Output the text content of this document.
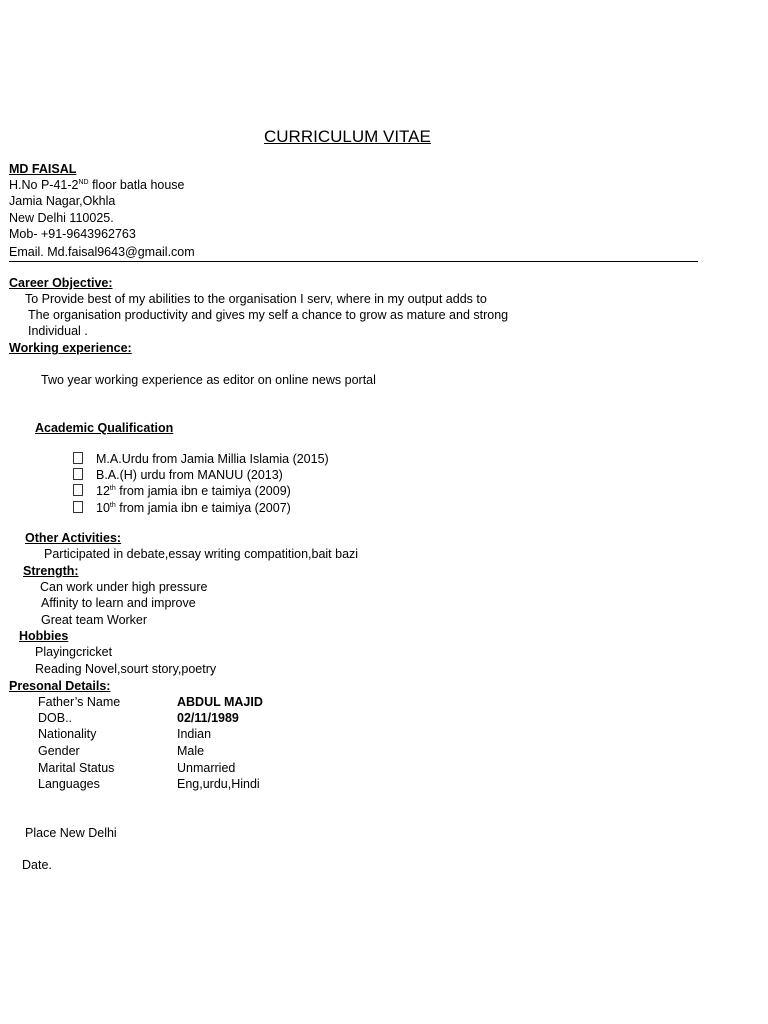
CURRICULUM VITAE
MD FAISAL
H.No P-41-2ND floor batla house
Jamia Nagar,Okhla
New Delhi 110025.
Mob- +91-9643962763
Email. Md.faisal9643@gmail.com
Career Objective:
To Provide best of my abilities to the organisation I serv, where in my output adds to
The organisation productivity and gives my self a chance to grow as mature and strong
Individual .
Working experience:
Two year working experience as editor on online news portal
Academic Qualification
M.A.Urdu from Jamia Millia Islamia (2015)
B.A.(H) urdu from MANUU (2013)
12th from jamia ibn e taimiya (2009)
10th from jamia ibn e taimiya (2007)
Other Activities:
Participated in debate,essay writing compatition,bait bazi
Strength:
Can work under high pressure
Affinity to learn and improve
Great team Worker
Hobbies
Playingcricket
Reading Novel,sourt story,poetry
Presonal Details:
Father’s Name	ABDUL MAJID
DOB..	02/11/1989
Nationality	Indian
Gender	Male
Marital Status	Unmarried
Languages	Eng,urdu,Hindi
Place New Delhi
Date.
